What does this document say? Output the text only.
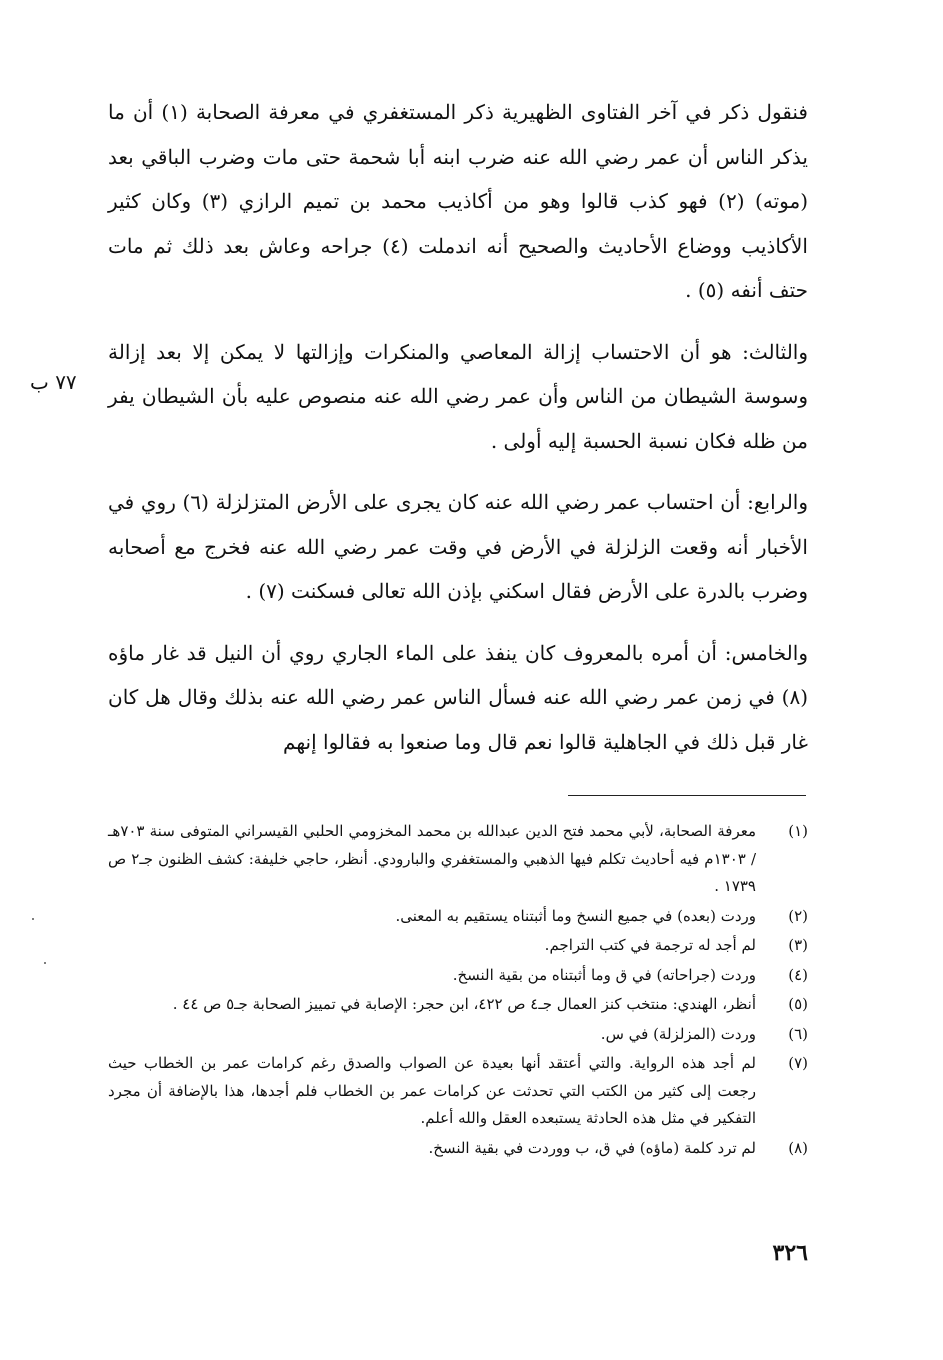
فنقول ذكر في آخر الفتاوى الظهيرية ذكر المستغفري في معرفة الصحابة (١) أن ما يذكر الناس أن عمر رضي الله عنه ضرب ابنه أبا شحمة حتى مات وضرب الباقي بعد (موته) (٢) فهو كذب قالوا وهو من أكاذيب محمد بن تميم الرازي (٣) وكان كثير الأكاذيب ووضاع الأحاديث والصحيح أنه اندملت (٤) جراحه وعاش بعد ذلك ثم مات حتف أنفه (٥) .

والثالث: هو أن الاحتساب إزالة المعاصي والمنكرات وإزالتها لا يمكن إلا بعد إزالة وسوسة الشيطان من الناس وأن عمر رضي الله عنه منصوص عليه بأن الشيطان يفر من ظله فكان نسبة الحسبة إليه أولى .

والرابع: أن احتساب عمر رضي الله عنه كان يجرى على الأرض المتزلزلة (٦) روي في الأخبار أنه وقعت الزلزلة في الأرض في وقت عمر رضي الله عنه فخرج مع أصحابه وضرب بالدرة على الأرض فقال اسكني بإذن الله تعالى فسكنت (٧) .

والخامس: أن أمره بالمعروف كان ينفذ على الماء الجاري روي أن النيل قد غار ماؤه (٨) في زمن عمر رضي الله عنه فسأل الناس عمر رضي الله عنه بذلك وقال هل كان غار قبل ذلك في الجاهلية قالوا نعم قال وما صنعوا به فقالوا إنهم

٧٧ ب
(١)
معرفة الصحابة، لأبي محمد فتح الدين عبدالله بن محمد المخزومي الحلبي القيسراني المتوفى سنة ٧٠٣هـ / ١٣٠٣م فيه أحاديث تكلم فيها الذهبي والمستغفري والبارودي. أنظر، حاجي خليفة: كشف الظنون جـ٢ ص ١٧٣٩ .
(٢)
وردت (بعده) في جميع النسخ وما أثبتناه يستقيم به المعنى.
(٣)
لم أجد له ترجمة في كتب التراجم.
(٤)
وردت (جراحاته) في ق وما أثبتناه من بقية النسخ.
(٥)
أنظر، الهندي: منتخب كنز العمال جـ٤ ص ٤٢٢، ابن حجر: الإصابة في تمييز الصحابة جـ٥ ص ٤٤ .
(٦)
وردت (المزلزلة) في س.
(٧)
لم أجد هذه الرواية. والتي أعتقد أنها بعيدة عن الصواب والصدق رغم كرامات عمر بن الخطاب حيث رجعت إلى كثير من الكتب التي تحدثت عن كرامات عمر بن الخطاب فلم أجدها، هذا بالإضافة أن مجرد التفكير في مثل هذه الحادثة يستبعده العقل والله أعلم.
(٨)
لم ترد كلمة (ماؤه) في ق، ب ووردت في بقية النسخ.
٣٢٦
